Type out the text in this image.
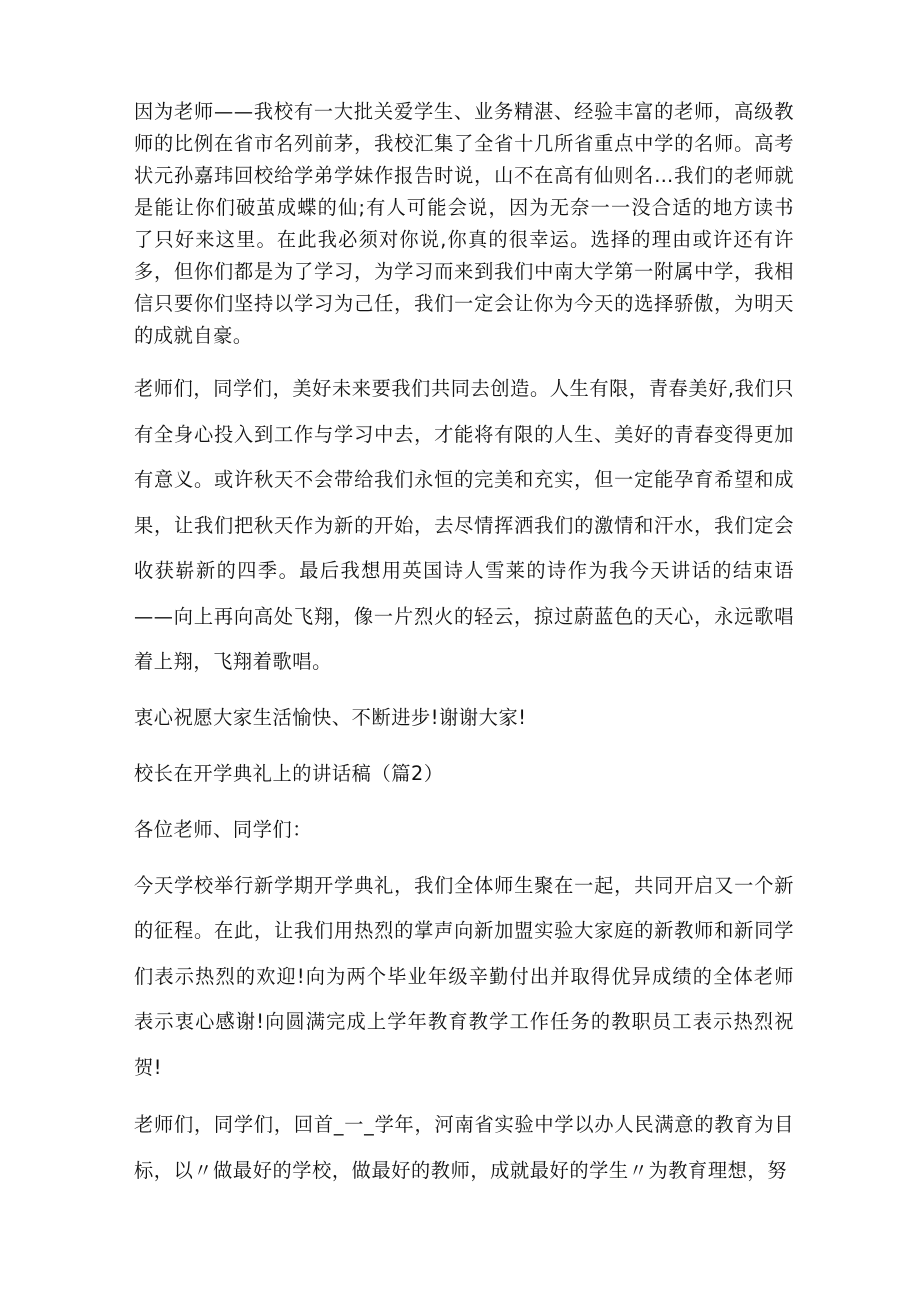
因为老师——我校有一大批关爱学生、业务精湛、经验丰富的老师，高级教师的比例在省市名列前茅，我校汇集了全省十几所省重点中学的名师。高考状元孙嘉玮回校给学弟学妹作报告时说，山不在高有仙则名…我们的老师就是能让你们破茧成蝶的仙;有人可能会说，因为无奈一一没合适的地方读书了只好来这里。在此我必须对你说,你真的很幸运。选择的理由或许还有许多，但你们都是为了学习，为学习而来到我们中南大学第一附属中学，我相信只要你们坚持以学习为己任，我们一定会让你为今天的选择骄傲，为明天的成就自豪。

老师们，同学们，美好未来要我们共同去创造。人生有限，青春美好,我们只有全身心投入到工作与学习中去，才能将有限的人生、美好的青春变得更加有意义。或许秋天不会带给我们永恒的完美和充实，但一定能孕育希望和成果，让我们把秋天作为新的开始，去尽情挥洒我们的激情和汗水，我们定会收获崭新的四季。最后我想用英国诗人雪莱的诗作为我今天讲话的结束语——向上再向高处飞翔，像一片烈火的轻云，掠过蔚蓝色的天心，永远歌唱着上翔，飞翔着歌唱。

衷心祝愿大家生活愉快、不断进步!谢谢大家!

校长在开学典礼上的讲话稿（篇2）

各位老师、同学们：

今天学校举行新学期开学典礼，我们全体师生聚在一起，共同开启又一个新的征程。在此，让我们用热烈的掌声向新加盟实验大家庭的新教师和新同学们表示热烈的欢迎!向为两个毕业年级辛勤付出并取得优异成绩的全体老师表示衷心感谢!向圆满完成上学年教育教学工作任务的教职员工表示热烈祝贺!

老师们，同学们，回首_一_学年，河南省实验中学以办人民满意的教育为目标，以〃做最好的学校，做最好的教师，成就最好的学生〃为教育理想，努
